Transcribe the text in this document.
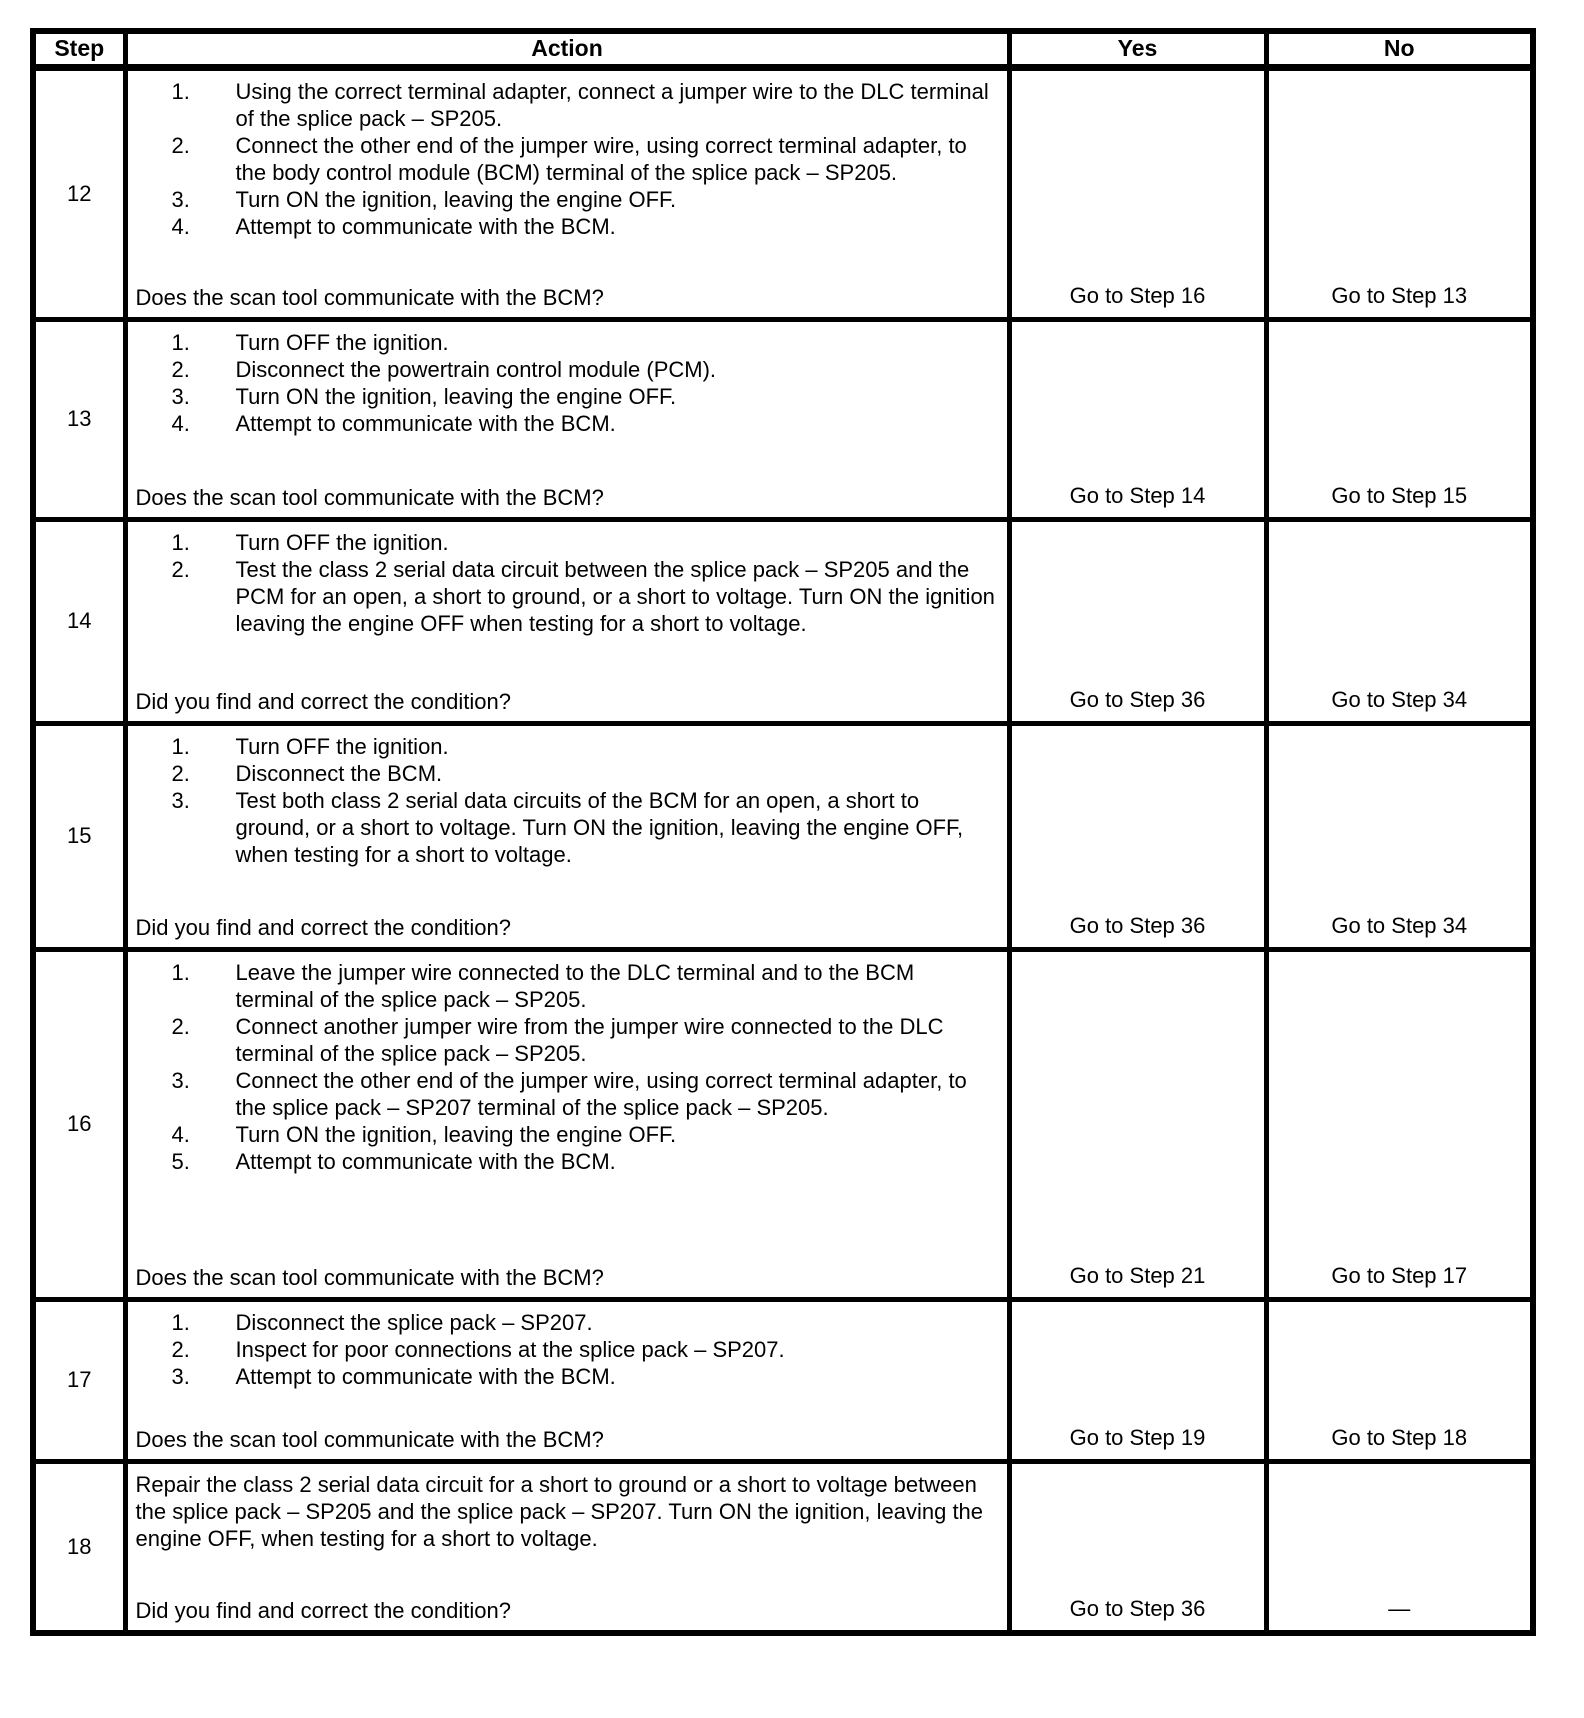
Step	Action	Yes	No
12	
1.	Using the correct terminal adapter, connect a jumper wire to the DLC terminal of the splice pack – SP205.
2.	Connect the other end of the jumper wire, using correct terminal adapter, to the body control module (BCM) terminal of the splice pack – SP205.
3.	Turn ON the ignition, leaving the engine OFF.
4.	Attempt to communicate with the BCM.
Does the scan tool communicate with the BCM?	Go to Step 16	Go to Step 13
13	
1.	Turn OFF the ignition.
2.	Disconnect the powertrain control module (PCM).
3.	Turn ON the ignition, leaving the engine OFF.
4.	Attempt to communicate with the BCM.
Does the scan tool communicate with the BCM?	Go to Step 14	Go to Step 15
14	
1.	Turn OFF the ignition.
2.	Test the class 2 serial data circuit between the splice pack – SP205 and the PCM for an open, a short to ground, or a short to voltage. Turn ON the ignition leaving the engine OFF when testing for a short to voltage.
Did you find and correct the condition?	Go to Step 36	Go to Step 34
15	
1.	Turn OFF the ignition.
2.	Disconnect the BCM.
3.	Test both class 2 serial data circuits of the BCM for an open, a short to ground, or a short to voltage. Turn ON the ignition, leaving the engine OFF, when testing for a short to voltage.
Did you find and correct the condition?	Go to Step 36	Go to Step 34
16	
1.	Leave the jumper wire connected to the DLC terminal and to the BCM terminal of the splice pack – SP205.
2.	Connect another jumper wire from the jumper wire connected to the DLC terminal of the splice pack – SP205.
3.	Connect the other end of the jumper wire, using correct terminal adapter, to the splice pack – SP207 terminal of the splice pack – SP205.
4.	Turn ON the ignition, leaving the engine OFF.
5.	Attempt to communicate with the BCM.
Does the scan tool communicate with the BCM?	Go to Step 21	Go to Step 17
17	
1.	Disconnect the splice pack – SP207.
2.	Inspect for poor connections at the splice pack – SP207.
3.	Attempt to communicate with the BCM.
Does the scan tool communicate with the BCM?	Go to Step 19	Go to Step 18
18	Repair the class 2 serial data circuit for a short to ground or a short to voltage between the splice pack – SP205 and the splice pack – SP207. Turn ON the ignition, leaving the engine OFF, when testing for a short to voltage.

Did you find and correct the condition?	Go to Step 36	—
